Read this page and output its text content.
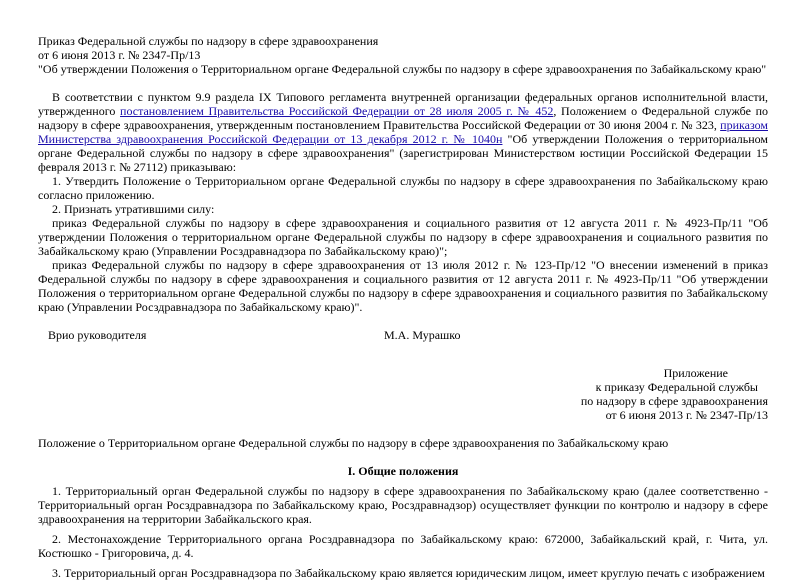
Приказ Федеральной службы по надзору в сфере здравоохранения
от 6 июня 2013 г. № 2347-Пр/13
"Об утверждении Положения о Территориальном органе Федеральной службы по надзору в сфере здравоохранения по Забайкальскому краю"

В соответствии с пунктом 9.9 раздела IX Типового регламента внутренней организации федеральных органов исполнительной власти, утвержденного постановлением Правительства Российской Федерации от 28 июля 2005 г. № 452, Положением о Федеральной службе по надзору в сфере здравоохранения, утвержденным постановлением Правительства Российской Федерации от 30 июня 2004 г. № 323, приказом Министерства здравоохранения Российской Федерации от 13 декабря 2012 г. № 1040н "Об утверждении Положения о территориальном органе Федеральной службы по надзору в сфере здравоохранения" (зарегистрирован Министерством юстиции Российской Федерации 15 февраля 2013 г. № 27112) приказываю:

1. Утвердить Положение о Территориальном органе Федеральной службы по надзору в сфере здравоохранения по Забайкальскому краю согласно приложению.

2. Признать утратившими силу:

приказ Федеральной службы по надзору в сфере здравоохранения и социального развития от 12 августа 2011 г. № 4923-Пр/11 "Об утверждении Положения о территориальном органе Федеральной службы по надзору в сфере здравоохранения и социального развития по Забайкальскому краю (Управлении Росздравнадзора по Забайкальскому краю)";

приказ Федеральной службы по надзору в сфере здравоохранения от 13 июля 2012 г. № 123-Пр/12 "О внесении изменений в приказ Федеральной службы по надзору в сфере здравоохранения и социального развития от 12 августа 2011 г. № 4923-Пр/11 "Об утверждении Положения о территориальном органе Федеральной службы по надзору в сфере здравоохранения и социального развития по Забайкальскому краю (Управлении Росздравнадзора по Забайкальскому краю)".

Врио руководителя	М.А. Мурашко
Приложение
к приказу Федеральной службы
по надзору в сфере здравоохранения
от 6 июня 2013 г. № 2347-Пр/13

Положение о Территориальном органе Федеральной службы по надзору в сфере здравоохранения по Забайкальскому краю

I. Общие положения

1. Территориальный орган Федеральной службы по надзору в сфере здравоохранения по Забайкальскому краю (далее соответственно - Территориальный орган Росздравнадзора по Забайкальскому краю, Росздравнадзор) осуществляет функции по контролю и надзору в сфере здравоохранения на территории Забайкальского края.

2. Местонахождение Территориального органа Росздравнадзора по Забайкальскому краю: 672000, Забайкальский край, г. Чита, ул. Костюшко - Григоровича, д. 4.

3. Территориальный орган Росздравнадзора по Забайкальскому краю является юридическим лицом, имеет круглую печать с изображением
